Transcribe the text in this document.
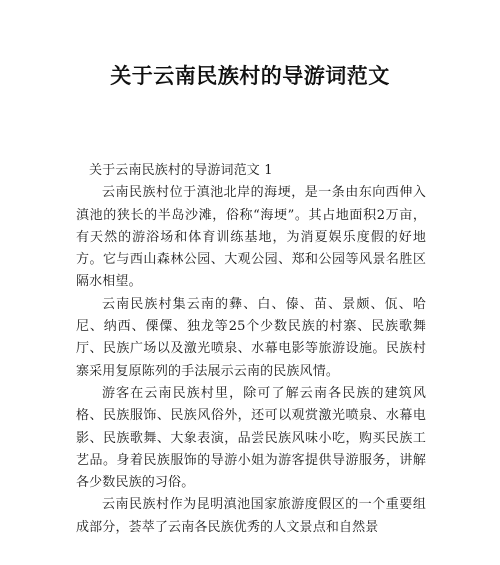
关于云南民族村的导游词范文

关于云南民族村的导游词范文 1

云南民族村位于滇池北岸的海埂，是一条由东向西伸入滇池的狭长的半岛沙滩，俗称“海埂”。其占地面积2万亩，有天然的游浴场和体育训练基地，为消夏娱乐度假的好地方。它与西山森林公园、大观公园、郑和公园等风景名胜区隔水相望。

云南民族村集云南的彝、白、傣、苗、景颇、佤、哈尼、纳西、傈僳、独龙等25个少数民族的村寨、民族歌舞厅、民族广场以及激光喷泉、水幕电影等旅游设施。民族村寨采用复原陈列的手法展示云南的民族风情。

游客在云南民族村里，除可了解云南各民族的建筑风格、民族服饰、民族风俗外，还可以观赏激光喷泉、水幕电影、民族歌舞、大象表演，品尝民族风味小吃，购买民族工艺品。身着民族服饰的导游小姐为游客提供导游服务，讲解各少数民族的习俗。

云南民族村作为昆明滇池国家旅游度假区的一个重要组成部分，荟萃了云南各民族优秀的人文景点和自然景
